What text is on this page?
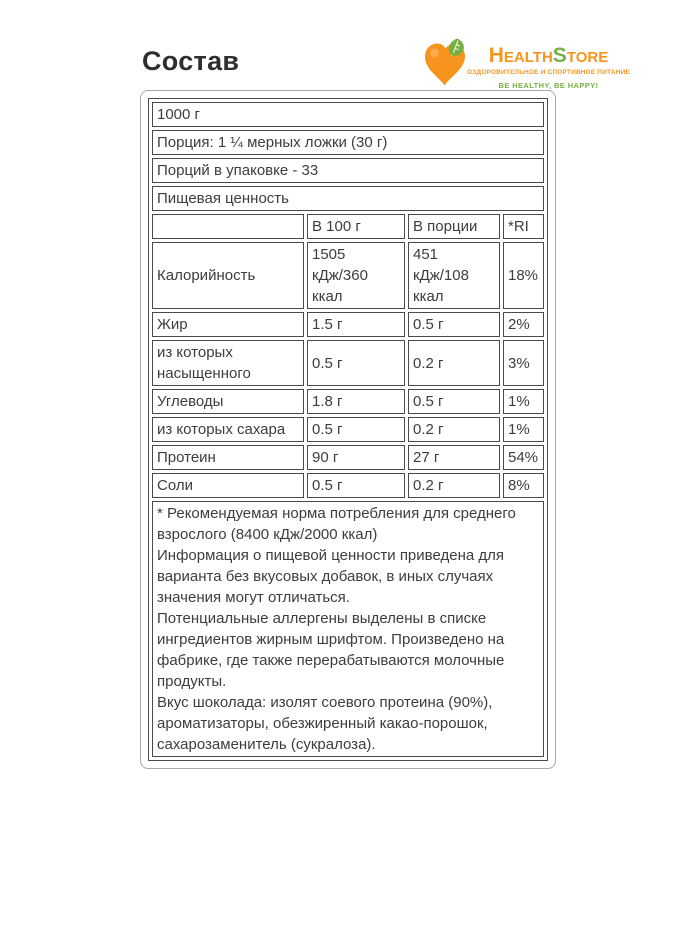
Состав	HEALTHSTORE
ОЗДОРОВИТЕЛЬНОЕ И СПОРТИВНОЕ ПИТАНИЕ
BE HEALTHY, BE HAPPY!
1000 г			
Порция: 1 ¼ мерных ложки (30 г)			
Порций в упаковке - 33			
Пищевая ценность			
	В 100 г	В порции	*RI
Калорийность	1505 кДж/360 ккал	451 кДж/108 ккал	18%
Жир	1.5 г	0.5 г	2%
из которых насыщенного	0.5 г	0.2 г	3%
Углеводы	1.8 г	0.5 г	1%
из которых сахара	0.5 г	0.2 г	1%
Протеин	90 г	27 г	54%
Соли	0.5 г	0.2 г	8%

* Рекомендуемая норма потребления для среднего взрослого (8400 кДж/2000 ккал)

Информация о пищевой ценности приведена для варианта без вкусовых добавок, в иных случаях значения могут отличаться.

Потенциальные аллергены выделены в списке ингредиентов жирным шрифтом. Произведено на фабрике, где также перерабатываются молочные продукты.

Вкус шоколада: изолят соевого протеина (90%), ароматизаторы, обезжиренный какао-порошок, сахарозаменитель (сукралоза).			
